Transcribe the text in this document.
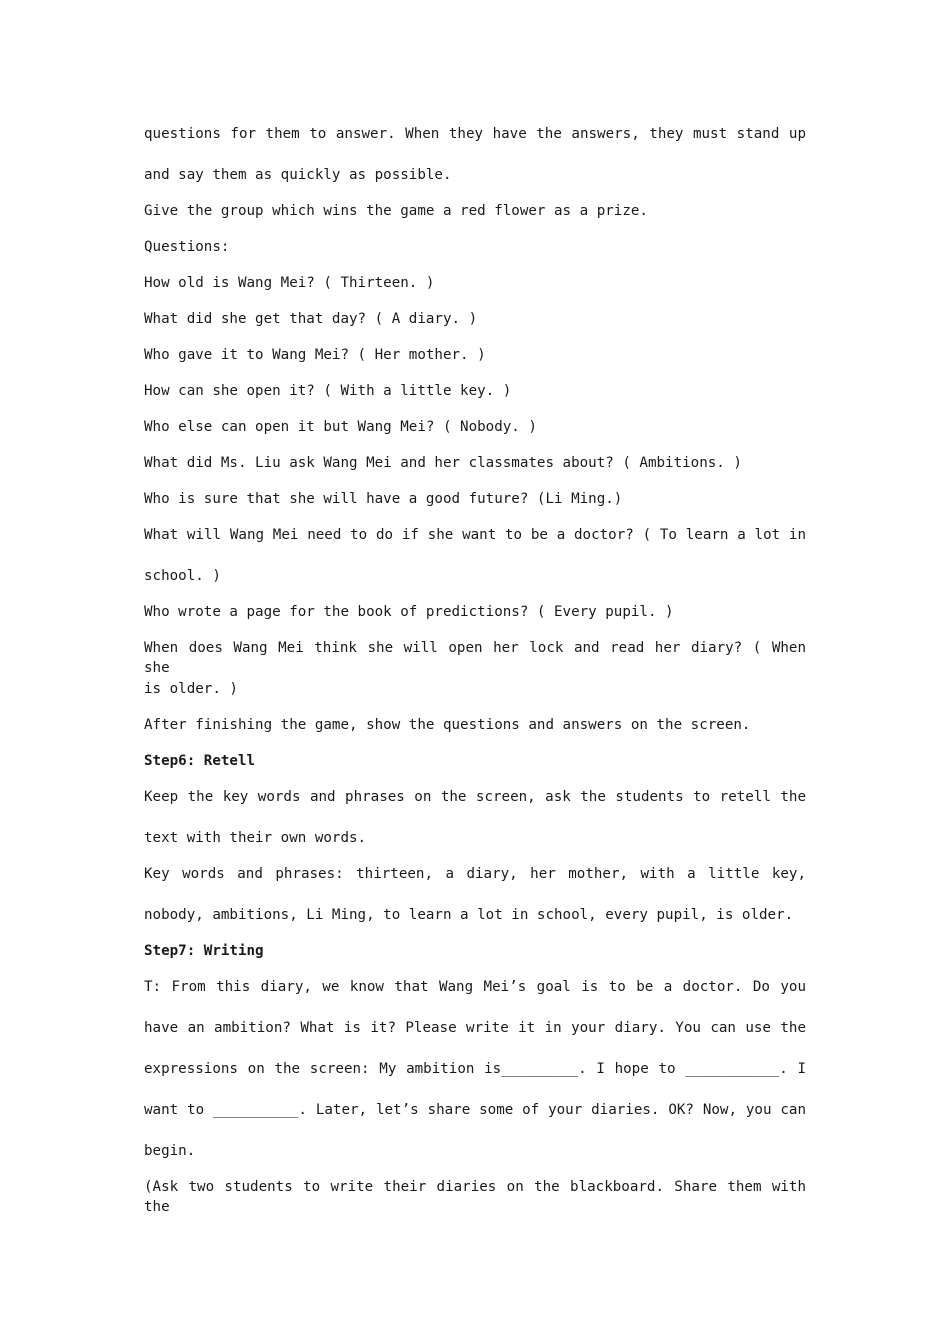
questions for them to answer. When they have the answers, they must stand up

and say them as quickly as possible.

Give the group which wins the game a red flower as a prize.

Questions:

How old is Wang Mei? ( Thirteen. )

What did she get that day? ( A diary. )

Who gave it to Wang Mei? ( Her mother. )

How can she open it? ( With a little key. )

Who else can open it but Wang Mei? ( Nobody. )

What did Ms. Liu ask Wang Mei and her classmates about? ( Ambitions. )

Who is sure that she will have a good future? (Li Ming.)

What will Wang Mei need to do if she want to be a doctor? ( To learn a lot in

school. )

Who wrote a page for the book of predictions? ( Every pupil. )

When does Wang Mei think she will open her lock and read her diary? ( When she

is older. )

After finishing the game, show the questions and answers on the screen.

Step6: Retell

Keep the key words and phrases on the screen, ask the students to retell the

text with their own words.

Key words and phrases: thirteen, a diary, her mother, with a little key,

nobody, ambitions, Li Ming, to learn a lot in school, every pupil, is older.

Step7: Writing

T: From this diary, we know that Wang Mei’s goal is to be a doctor. Do you

have an ambition? What is it? Please write it in your diary. You can use the

expressions on the screen: My ambition is_________. I hope to ___________. I

want to __________. Later, let’s share some of your diaries. OK? Now, you can

begin.

(Ask two students to write their diaries on the blackboard. Share them with the
